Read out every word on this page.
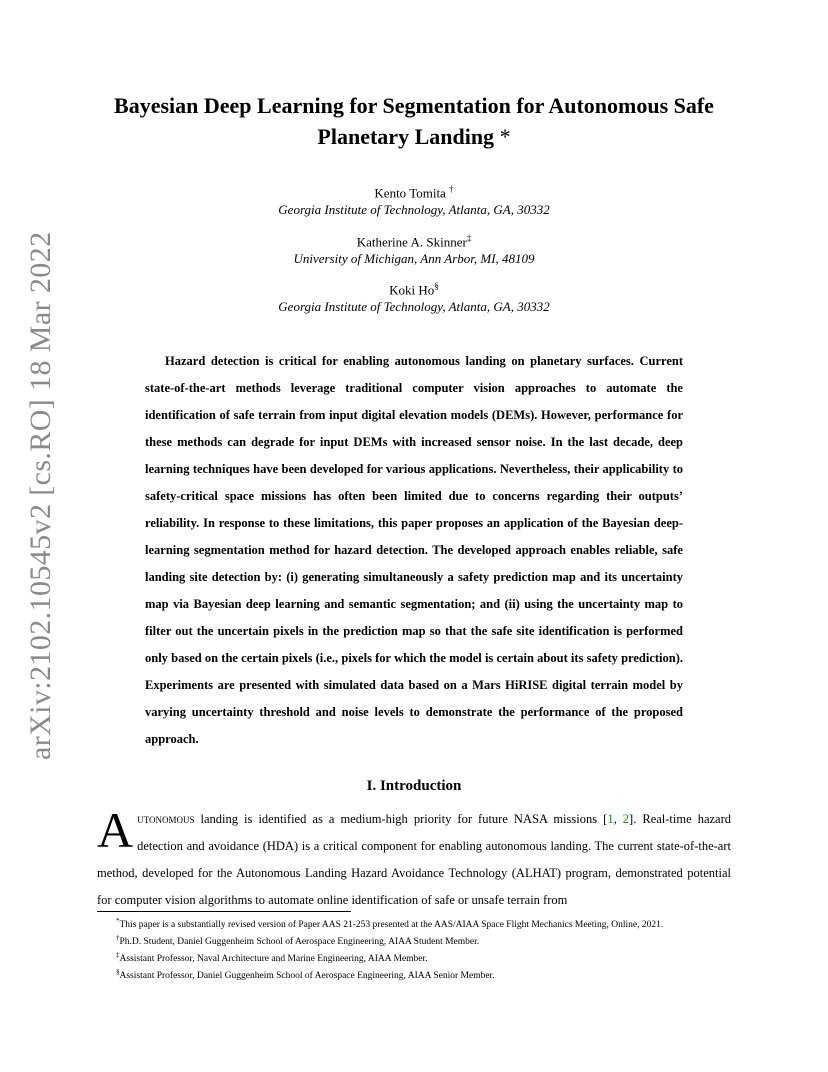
arXiv:2102.10545v2 [cs.RO] 18 Mar 2022
Bayesian Deep Learning for Segmentation for Autonomous Safe
Planetary Landing *
Kento Tomita †
Georgia Institute of Technology, Atlanta, GA, 30332
Katherine A. Skinner‡
University of Michigan, Ann Arbor, MI, 48109
Koki Ho§
Georgia Institute of Technology, Atlanta, GA, 30332
Hazard detection is critical for enabling autonomous landing on planetary surfaces. Current state-of-the-art methods leverage traditional computer vision approaches to automate the identification of safe terrain from input digital elevation models (DEMs). However, performance for these methods can degrade for input DEMs with increased sensor noise. In the last decade, deep learning techniques have been developed for various applications. Nevertheless, their applicability to safety-critical space missions has often been limited due to concerns regarding their outputs’ reliability. In response to these limitations, this paper proposes an application of the Bayesian deep-learning segmentation method for hazard detection. The developed approach enables reliable, safe landing site detection by: (i) generating simultaneously a safety prediction map and its uncertainty map via Bayesian deep learning and semantic segmentation; and (ii) using the uncertainty map to filter out the uncertain pixels in the prediction map so that the safe site identification is performed only based on the certain pixels (i.e., pixels for which the model is certain about its safety prediction). Experiments are presented with simulated data based on a Mars HiRISE digital terrain model by varying uncertainty threshold and noise levels to demonstrate the performance of the proposed approach.
I. Introduction
Autonomous landing is identified as a medium-high priority for future NASA missions [1, 2]. Real-time hazard detection and avoidance (HDA) is a critical component for enabling autonomous landing. The current state-of-the-art method, developed for the Autonomous Landing Hazard Avoidance Technology (ALHAT) program, demonstrated potential for computer vision algorithms to automate online identification of safe or unsafe terrain from
*This paper is a substantially revised version of Paper AAS 21-253 presented at the AAS/AIAA Space Flight Mechanics Meeting, Online, 2021.
†Ph.D. Student, Daniel Guggenheim School of Aerospace Engineering, AIAA Student Member.
‡Assistant Professor, Naval Architecture and Marine Engineering, AIAA Member.
§Assistant Professor, Daniel Guggenheim School of Aerospace Engineering, AIAA Senior Member.
